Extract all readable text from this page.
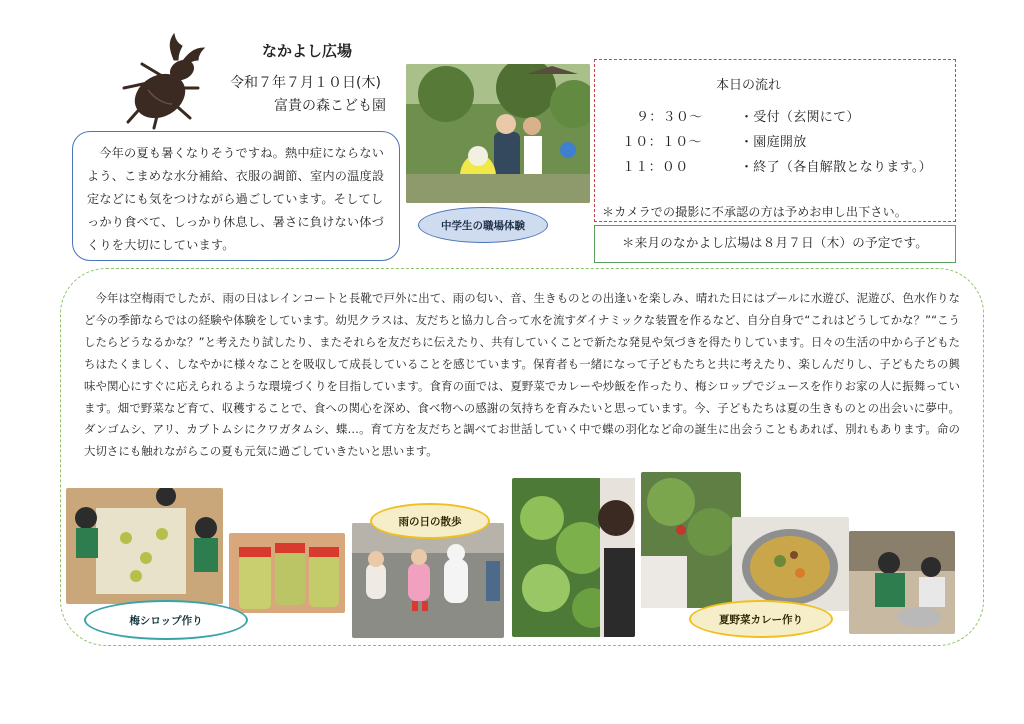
なかよし広場
令和７年７月１０日(木)
富貴の森こども園

今年の夏も暑くなりそうですね。熱中症にならないよう、こまめな水分補給、衣服の調節、室内の温度設定などにも気をつけながら過ごしています。そしてしっかり食べて、しっかり休息し、暑さに負けない体づくりを大切にしています。

中学生の職場体験
本日の流れ
９：３０～	・受付（玄関にて）
１０：１０～	・園庭開放
１１：００	・終了（各自解散となります。）
＊カメラでの撮影に不承認の方は予めお申し出下さい。
＊来月のなかよし広場は８月７日（木）の予定です。

今年は空梅雨でしたが、雨の日はレインコートと長靴で戸外に出て、雨の匂い、音、生きものとの出逢いを楽しみ、晴れた日にはプールに水遊び、泥遊び、色水作りなど今の季節ならではの経験や体験をしています。幼児クラスは、友だちと協力し合って水を流すダイナミックな装置を作るなど、自分自身で“これはどうしてかな？”“こうしたらどうなるかな？”と考えたり試したり、またそれらを友だちに伝えたり、共有していくことで新たな発見や気づきを得たりしています。日々の生活の中から子どもたちはたくましく、しなやかに様々なことを吸収して成長していることを感じています。保育者も一緒になって子どもたちと共に考えたり、楽しんだりし、子どもたちの興味や関心にすぐに応えられるような環境づくりを目指しています。食育の面では、夏野菜でカレーや炒飯を作ったり、梅シロップでジュースを作りお家の人に振舞っています。畑で野菜など育て、収穫することで、食への関心を深め、食べ物への感謝の気持ちを育みたいと思っています。今、子どもたちは夏の生きものとの出会いに夢中。ダンゴムシ、アリ、カブトムシにクワガタムシ、蝶…。育て方を友だちと調べてお世話していく中で蝶の羽化など命の誕生に出会うこともあれば、別れもあります。命の大切さにも触れながらこの夏も元気に過ごしていきたいと思います。

梅シロップ作り
雨の日の散歩
夏野菜カレー作り
